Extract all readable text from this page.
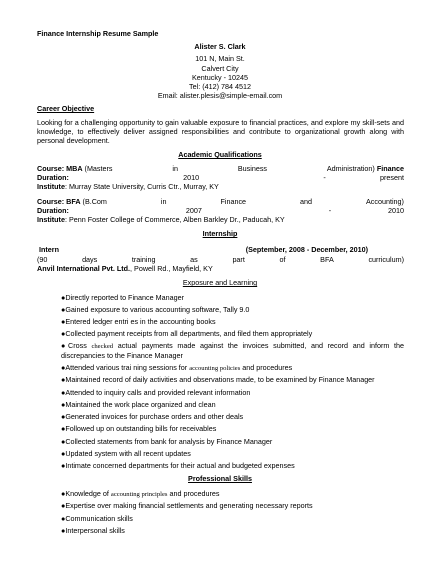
Finance Internship Resume Sample
Alister S. Clark
101 N, Main St.
Calvert City
Kentucky - 10245
Tel: (412) 784 4512
Email: alister.plesis@simple-email.com
Career Objective
Looking for a challenging opportunity to gain valuable exposure to financial practices, and explore my skill-sets and knowledge, to effectively deliver assigned responsibilities and contribute to organizational growth along with personal development.
Academic Qualifications
Course: MBA (Masters	in	Business	Administration) Finance
Duration:	2010	-	present
Institute: Murray State University, Curris Ctr., Murray, KY
Course: BFA (B.Com	in	Finance	and	Accounting)
Duration:	2007	-	2010
Institute: Penn Foster College of Commerce, Alben Barkley Dr., Paducah, KY
Internship
Intern	(September, 2008 - December, 2010)
(90	days	training	as	part	of	BFA	curriculum)
Anvil International Pvt. Ltd., Powell Rd., Mayfield, KY
Exposure and Learning
●Directly reported to Finance Manager
●Gained exposure to various accounting software, Tally 9.0
●Entered ledger entri es in the accounting books
●Collected payment receipts from all departments, and filed them appropriately
●Cross checked actual payments made against the invoices submitted, and record and inform the discrepancies to the Finance Manager
●Attended various trai ning sessions for accounting policies and procedures
●Maintained record of daily activities and observations made, to be examined by Finance Manager
●Attended to inquiry calls and provided relevant information
●Maintained the work place organized and clean
●Generated invoices for purchase orders and other deals
●Followed up on outstanding bills for receivables
●Collected statements from bank for analysis by Finance Manager
●Updated system with all recent updates
●Intimate concerned departments for their actual and budgeted expenses
Professional Skills
●Knowledge of accounting principles and procedures
●Expertise over making financial settlements and generating necessary reports
●Communication skills
●Interpersonal skills
